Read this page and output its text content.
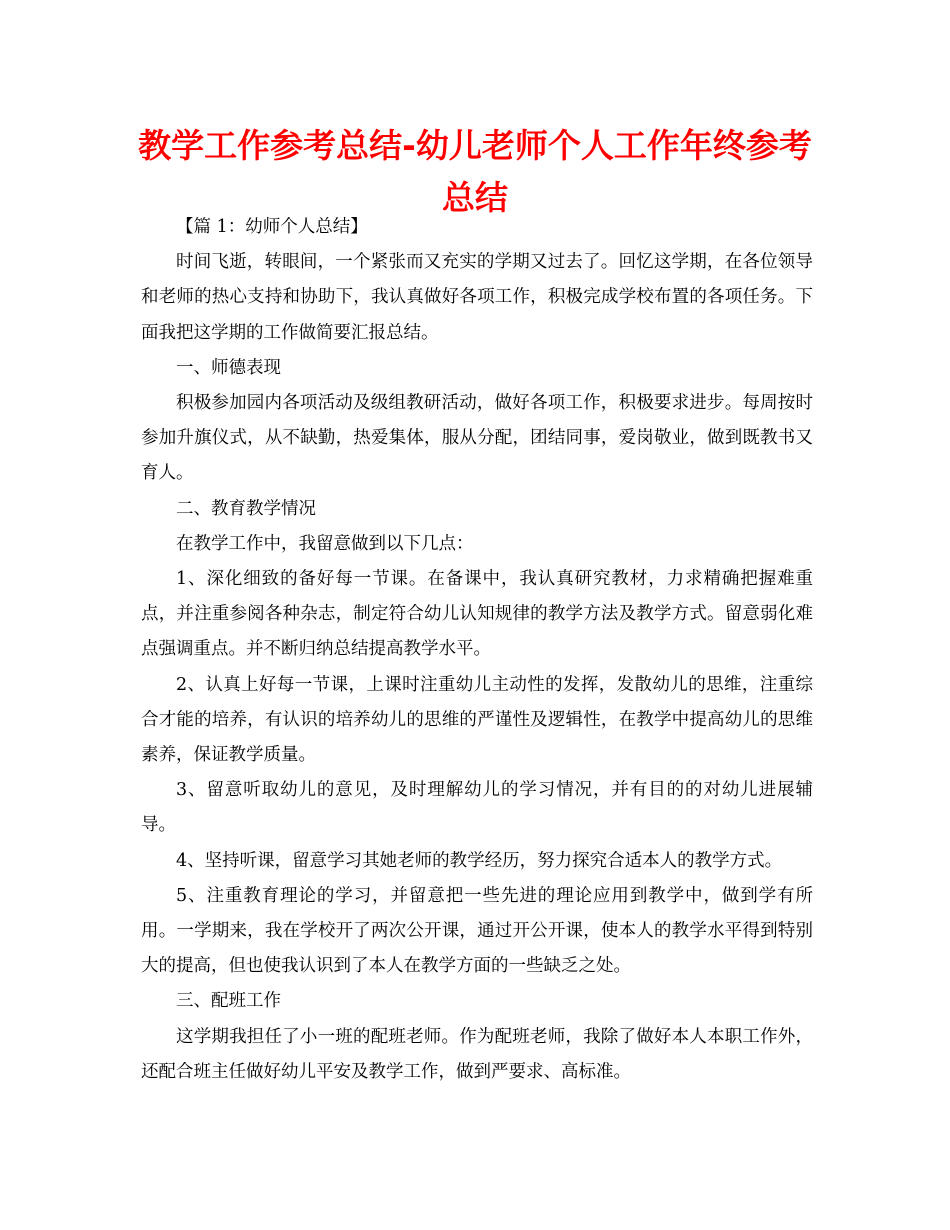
教学工作参考总结-幼儿老师个人工作年终参考总结

【篇 1：幼师个人总结】

时间飞逝，转眼间，一个紧张而又充实的学期又过去了。回忆这学期，在各位领导和老师的热心支持和协助下，我认真做好各项工作，积极完成学校布置的各项任务。下面我把这学期的工作做简要汇报总结。

一、师德表现

积极参加园内各项活动及级组教研活动，做好各项工作，积极要求进步。每周按时参加升旗仪式，从不缺勤，热爱集体，服从分配，团结同事，爱岗敬业，做到既教书又育人。

二、教育教学情况

在教学工作中，我留意做到以下几点：

1、深化细致的备好每一节课。在备课中，我认真研究教材，力求精确把握难重点，并注重参阅各种杂志，制定符合幼儿认知规律的教学方法及教学方式。留意弱化难点强调重点。并不断归纳总结提高教学水平。

2、认真上好每一节课，上课时注重幼儿主动性的发挥，发散幼儿的思维，注重综合才能的培养，有认识的培养幼儿的思维的严谨性及逻辑性，在教学中提高幼儿的思维素养，保证教学质量。

3、留意听取幼儿的意见，及时理解幼儿的学习情况，并有目的的对幼儿进展辅导。

4、坚持听课，留意学习其她老师的教学经历，努力探究合适本人的教学方式。

5、注重教育理论的学习，并留意把一些先进的理论应用到教学中，做到学有所用。一学期来，我在学校开了两次公开课，通过开公开课，使本人的教学水平得到特别大的提高，但也使我认识到了本人在教学方面的一些缺乏之处。

三、配班工作

这学期我担任了小一班的配班老师。作为配班老师，我除了做好本人本职工作外，还配合班主任做好幼儿平安及教学工作，做到严要求、高标准。
